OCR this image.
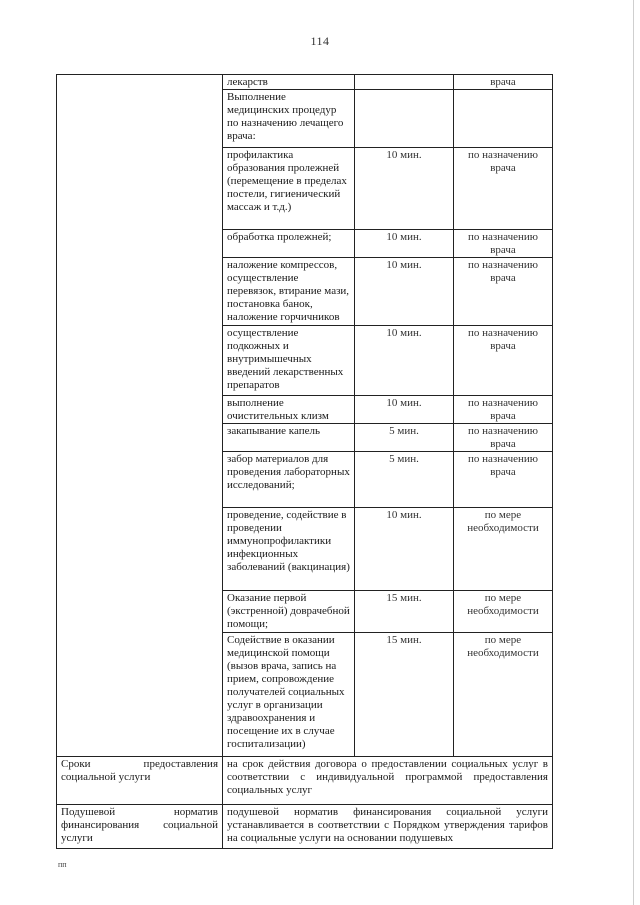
114
	лекарств		врача
	Выполнение медицинских процедур по назначению лечащего врача:		
	профилактика образования пролежней (перемещение в пределах постели, гигиенический массаж и т.д.)	10 мин.	по назначению врача
	обработка пролежней;	10 мин.	по назначению врача
	наложение компрессов, осуществление перевязок, втирание мази, постановка банок, наложение горчичников	10 мин.	по назначению врача
	осуществление подкожных и внутримышечных введений лекарственных препаратов	10 мин.	по назначению врача
	выполнение очистительных клизм	10 мин.	по назначению врача
	закапывание капель	5 мин.	по назначению врача
	забор материалов для проведения лабораторных исследований;	5 мин.	по назначению врача
	проведение, содействие в проведении иммунопрофилактики инфекционных заболеваний (вакцинация)	10 мин.	по мере необходимости
	Оказание первой (экстренной) доврачебной помощи;	15 мин.	по мере необходимости
	Содействие в оказании медицинской помощи (вызов врача, запись на прием, сопровождение получателей социальных услуг в организации здравоохранения и посещение их в случае госпитализации)	15 мин.	по мере необходимости
Сроки предоставления социальной услуги	на срок действия договора о предоставлении социальных услуг в соответствии с индивидуальной программой предоставления социальных услуг		
Подушевой норматив финансирования социальной услуги	подушевой норматив финансирования социальной услуги устанавливается в соответствии с Порядком утверждения тарифов на социальные услуги на основании подушевых		
пп
